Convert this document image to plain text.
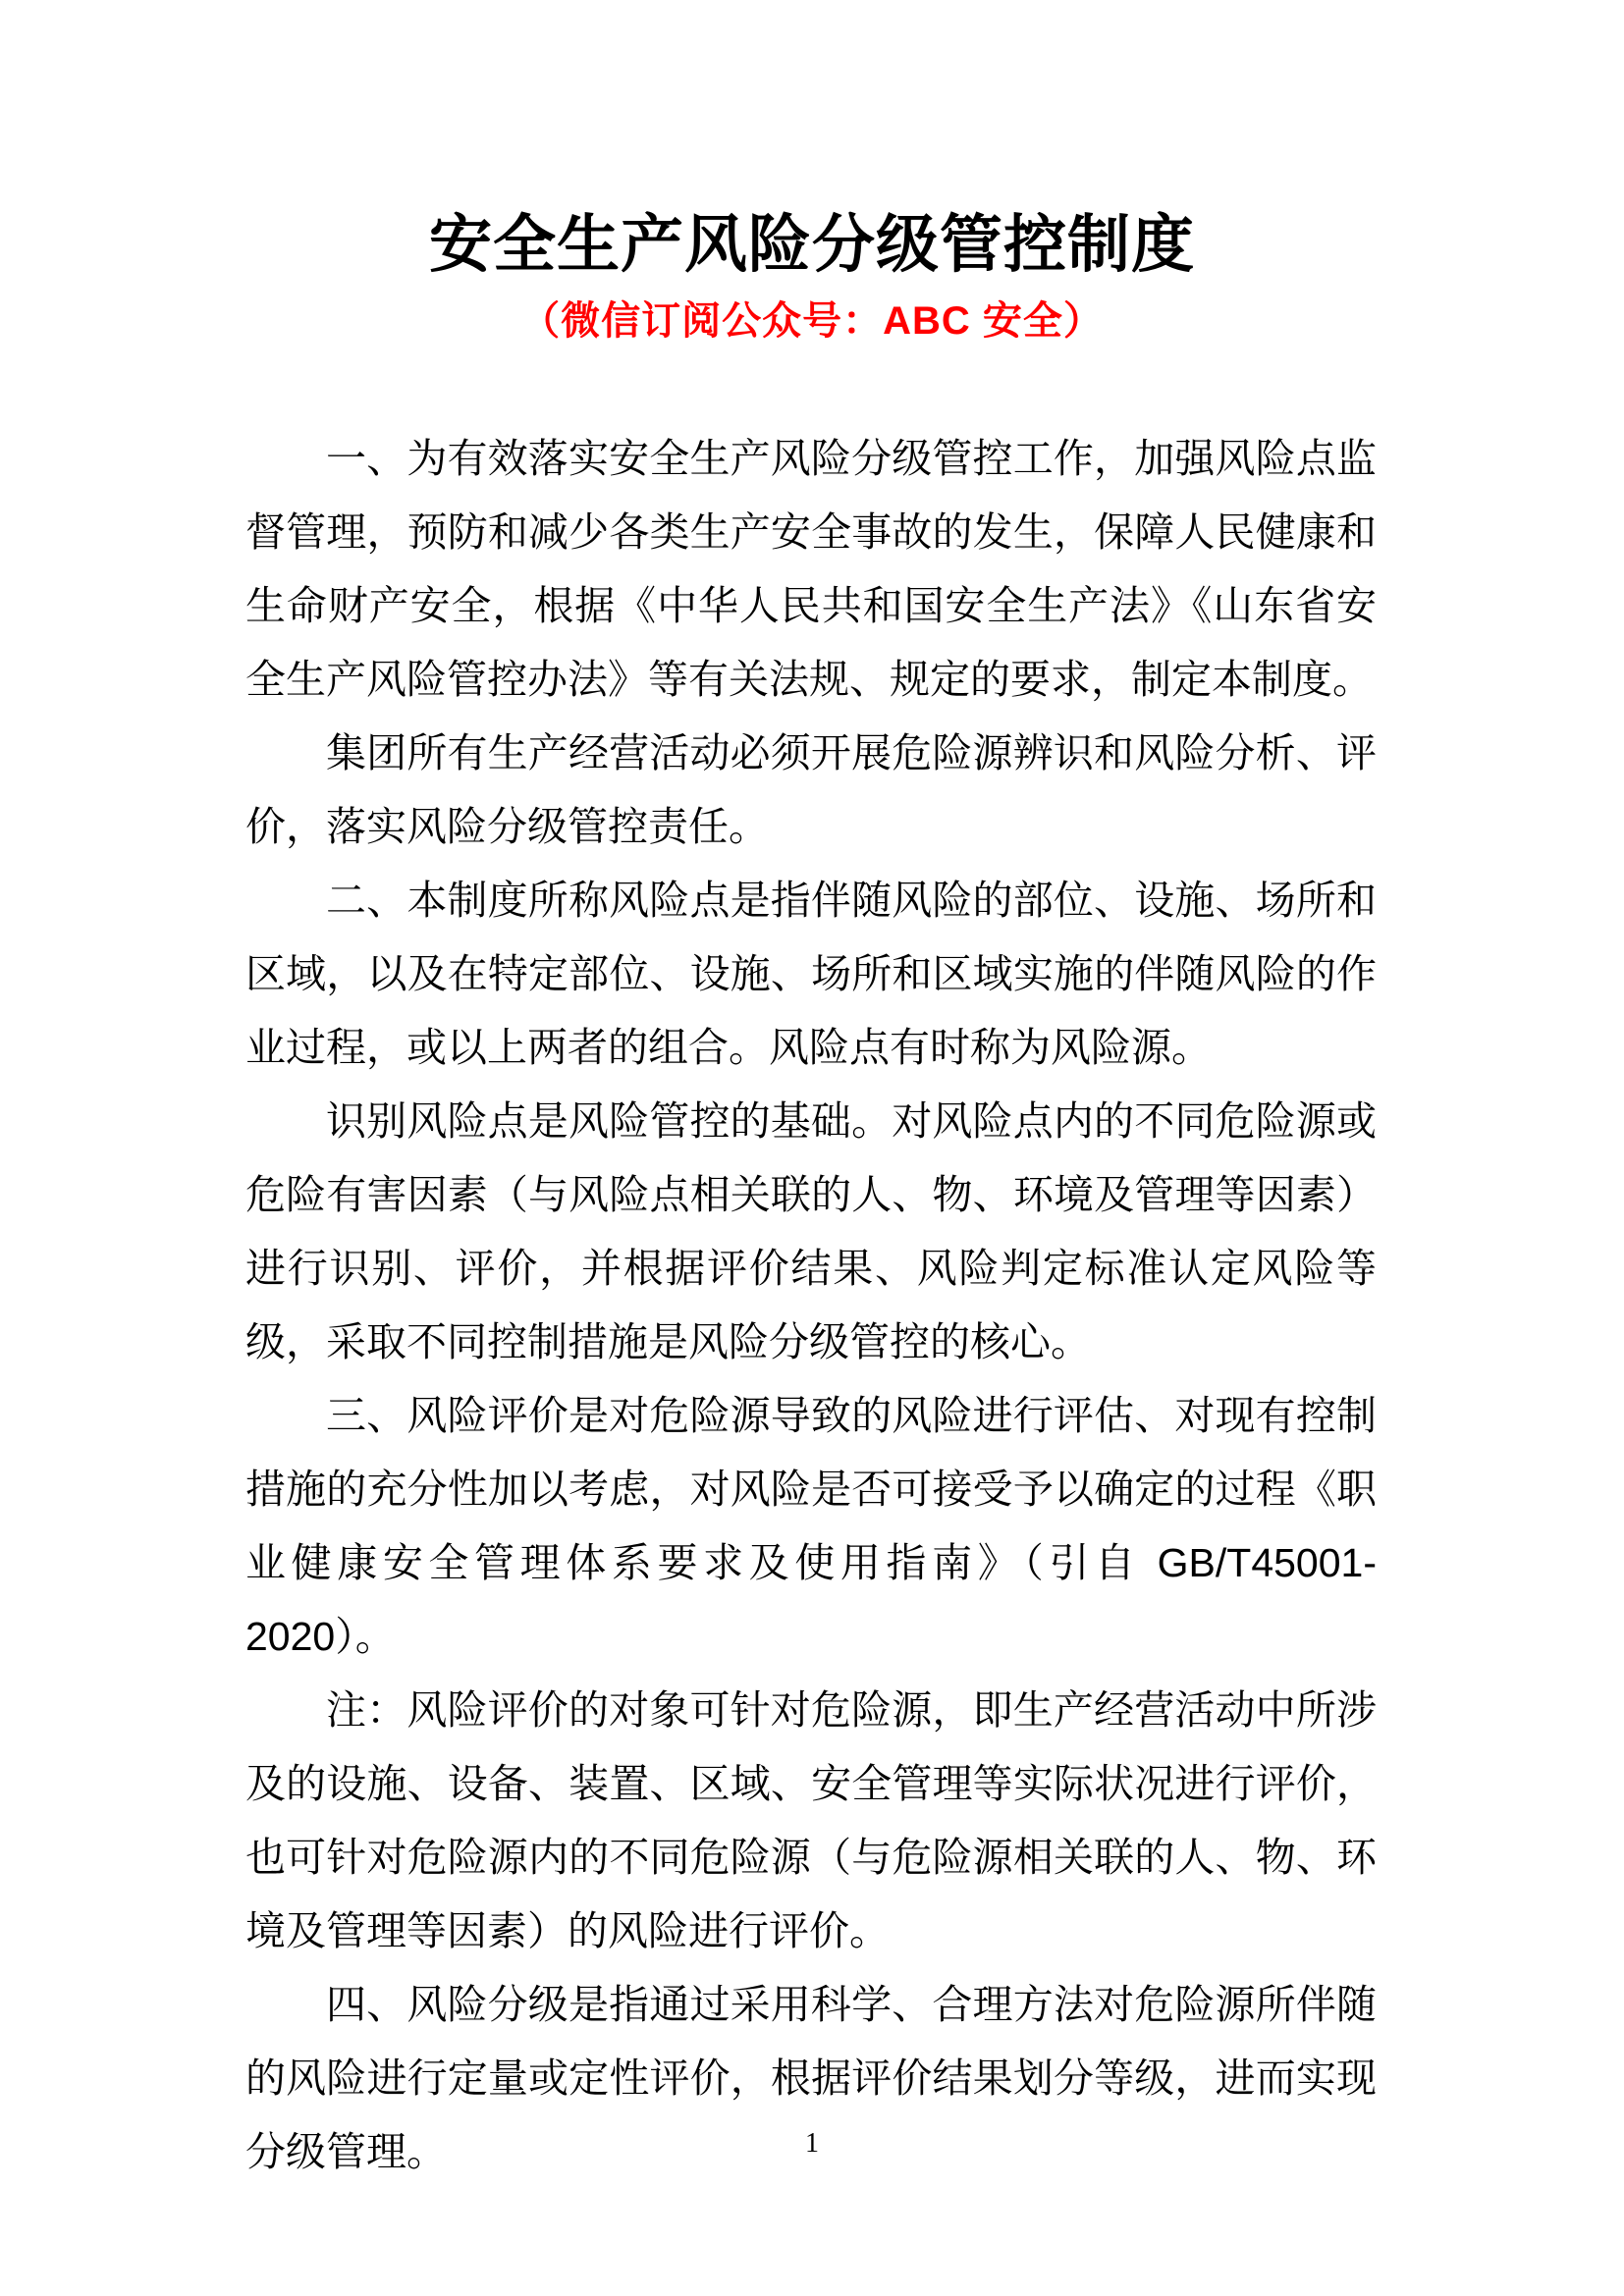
安全生产风险分级管控制度
（微信订阅公众号：ABC 安全）

一、为有效落实安全生产风险分级管控工作，加强风险点监督管理，预防和减少各类生产安全事故的发生，保障人民健康和生命财产安全，根据《中华人民共和国安全生产法》《山东省安全生产风险管控办法》等有关法规、规定的要求，制定本制度。

集团所有生产经营活动必须开展危险源辨识和风险分析、评价，落实风险分级管控责任。

二、本制度所称风险点是指伴随风险的部位、设施、场所和区域，以及在特定部位、设施、场所和区域实施的伴随风险的作业过程，或以上两者的组合。风险点有时称为风险源。

识别风险点是风险管控的基础。对风险点内的不同危险源或危险有害因素（与风险点相关联的人、物、环境及管理等因素）进行识别、评价，并根据评价结果、风险判定标准认定风险等级，采取不同控制措施是风险分级管控的核心。

三、风险评价是对危险源导致的风险进行评估、对现有控制措施的充分性加以考虑，对风险是否可接受予以确定的过程《职业健康安全管理体系要求及使用指南》（引自 GB/T45001-2020）。

注：风险评价的对象可针对危险源，即生产经营活动中所涉及的设施、设备、装置、区域、安全管理等实际状况进行评价，也可针对危险源内的不同危险源（与危险源相关联的人、物、环境及管理等因素）的风险进行评价。

四、风险分级是指通过采用科学、合理方法对危险源所伴随的风险进行定量或定性评价，根据评价结果划分等级，进而实现分级管理。	1
